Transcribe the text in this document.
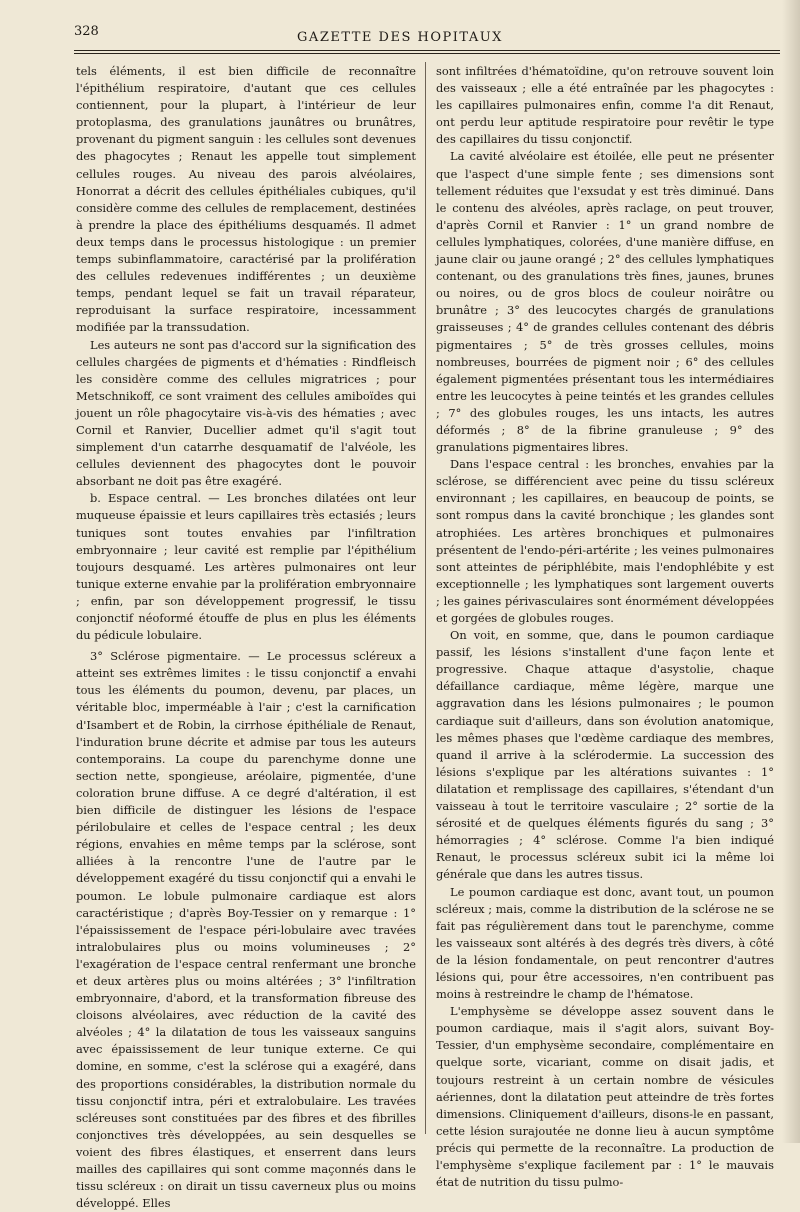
328	GAZETTE DES HOPITAUX

tels éléments, il est bien difficile de reconnaître l'épithélium respiratoire, d'autant que ces cellules contiennent, pour la plupart, à l'intérieur de leur protoplasma, des granulations jaunâtres ou brunâtres, provenant du pigment sanguin : les cellules sont devenues des phagocytes ; Renaut les appelle tout simplement cellules rouges. Au niveau des parois alvéolaires, Honorrat a décrit des cellules épithéliales cubiques, qu'il considère comme des cellules de remplacement, destinées à prendre la place des épithéliums desquamés. Il admet deux temps dans le processus histologique : un premier temps subinflammatoire, caractérisé par la prolifération des cellules redevenues indifférentes ; un deuxième temps, pendant lequel se fait un travail réparateur, reproduisant la surface respiratoire, incessamment modifiée par la transsudation.

Les auteurs ne sont pas d'accord sur la signification des cellules chargées de pigments et d'hématies : Rindfleisch les considère comme des cellules migratrices ; pour Metschnikoff, ce sont vraiment des cellules amiboïdes qui jouent un rôle phagocytaire vis-à-vis des hématies ; avec Cornil et Ranvier, Ducellier admet qu'il s'agit tout simplement d'un catarrhe desquamatif de l'alvéole, les cellules deviennent des phagocytes dont le pouvoir absorbant ne doit pas être exagéré.

b. Espace central. — Les bronches dilatées ont leur muqueuse épaissie et leurs capillaires très ectasiés ; leurs tuniques sont toutes envahies par l'infiltration embryonnaire ; leur cavité est remplie par l'épithélium toujours desquamé. Les artères pulmonaires ont leur tunique externe envahie par la prolifération embryonnaire ; enfin, par son développement progressif, le tissu conjonctif néoformé étouffe de plus en plus les éléments du pédicule lobulaire.

3° Sclérose pigmentaire. — Le processus scléreux a atteint ses extrêmes limites : le tissu conjonctif a envahi tous les éléments du poumon, devenu, par places, un véritable bloc, imperméable à l'air ; c'est la carnification d'Isambert et de Robin, la cirrhose épithéliale de Renaut, l'induration brune décrite et admise par tous les auteurs contemporains. La coupe du parenchyme donne une section nette, spongieuse, aréolaire, pigmentée, d'une coloration brune diffuse. A ce degré d'altération, il est bien difficile de distinguer les lésions de l'espace périlobulaire et celles de l'espace central ; les deux régions, envahies en même temps par la sclérose, sont alliées à la rencontre l'une de l'autre par le développement exagéré du tissu conjonctif qui a envahi le poumon. Le lobule pulmonaire cardiaque est alors caractéristique ; d'après Boy-Tessier on y remarque : 1° l'épaississement de l'espace péri-lobulaire avec travées intralobulaires plus ou moins volumineuses ; 2° l'exagération de l'espace central renfermant une bronche et deux artères plus ou moins altérées ; 3° l'infiltration embryonnaire, d'abord, et la transformation fibreuse des cloisons alvéolaires, avec réduction de la cavité des alvéoles ; 4° la dilatation de tous les vaisseaux sanguins avec épaississement de leur tunique externe. Ce qui domine, en somme, c'est la sclérose qui a exagéré, dans des proportions considérables, la distribution normale du tissu conjonctif intra, péri et extralobulaire. Les travées scléreuses sont constituées par des fibres et des fibrilles conjonctives très développées, au sein desquelles se voient des fibres élastiques, et enserrent dans leurs mailles des capillaires qui sont comme maçonnés dans le tissu scléreux : on dirait un tissu caverneux plus ou moins développé. Elles

sont infiltrées d'hématoïdine, qu'on retrouve souvent loin des vaisseaux ; elle a été entraînée par les phagocytes : les capillaires pulmonaires enfin, comme l'a dit Renaut, ont perdu leur aptitude respiratoire pour revêtir le type des capillaires du tissu conjonctif.

La cavité alvéolaire est étoilée, elle peut ne présenter que l'aspect d'une simple fente ; ses dimensions sont tellement réduites que l'exsudat y est très diminué. Dans le contenu des alvéoles, après raclage, on peut trouver, d'après Cornil et Ranvier : 1° un grand nombre de cellules lymphatiques, colorées, d'une manière diffuse, en jaune clair ou jaune orangé ; 2° des cellules lymphatiques contenant, ou des granulations très fines, jaunes, brunes ou noires, ou de gros blocs de couleur noirâtre ou brunâtre ; 3° des leucocytes chargés de granulations graisseuses ; 4° de grandes cellules contenant des débris pigmentaires ; 5° de très grosses cellules, moins nombreuses, bourrées de pigment noir ; 6° des cellules également pigmentées présentant tous les intermédiaires entre les leucocytes à peine teintés et les grandes cellules ; 7° des globules rouges, les uns intacts, les autres déformés ; 8° de la fibrine granuleuse ; 9° des granulations pigmentaires libres.

Dans l'espace central : les bronches, envahies par la sclérose, se différencient avec peine du tissu scléreux environnant ; les capillaires, en beaucoup de points, se sont rompus dans la cavité bronchique ; les glandes sont atrophiées. Les artères bronchiques et pulmonaires présentent de l'endo-péri-artérite ; les veines pulmonaires sont atteintes de périphlébite, mais l'endophlébite y est exceptionnelle ; les lymphatiques sont largement ouverts ; les gaines périvasculaires sont énormément développées et gorgées de globules rouges.

On voit, en somme, que, dans le poumon cardiaque passif, les lésions s'installent d'une façon lente et progressive. Chaque attaque d'asystolie, chaque défaillance cardiaque, même légère, marque une aggravation dans les lésions pulmonaires ; le poumon cardiaque suit d'ailleurs, dans son évolution anatomique, les mêmes phases que l'œdème cardiaque des membres, quand il arrive à la sclérodermie. La succession des lésions s'explique par les altérations suivantes : 1° dilatation et remplissage des capillaires, s'étendant d'un vaisseau à tout le territoire vasculaire ; 2° sortie de la sérosité et de quelques éléments figurés du sang ; 3° hémorragies ; 4° sclérose. Comme l'a bien indiqué Renaut, le processus scléreux subit ici la même loi générale que dans les autres tissus.

Le poumon cardiaque est donc, avant tout, un poumon scléreux ; mais, comme la distribution de la sclérose ne se fait pas régulièrement dans tout le parenchyme, comme les vaisseaux sont altérés à des degrés très divers, à côté de la lésion fondamentale, on peut rencontrer d'autres lésions qui, pour être accessoires, n'en contribuent pas moins à restreindre le champ de l'hématose.

L'emphysème se développe assez souvent dans le poumon cardiaque, mais il s'agit alors, suivant Boy-Tessier, d'un emphysème secondaire, complémentaire en quelque sorte, vicariant, comme on disait jadis, et toujours restreint à un certain nombre de vésicules aériennes, dont la dilatation peut atteindre de très fortes dimensions. Cliniquement d'ailleurs, disons-le en passant, cette lésion surajoutée ne donne lieu à aucun symptôme précis qui permette de la reconnaître. La production de l'emphysème s'explique facilement par : 1° le mauvais état de nutrition du tissu pulmo-
